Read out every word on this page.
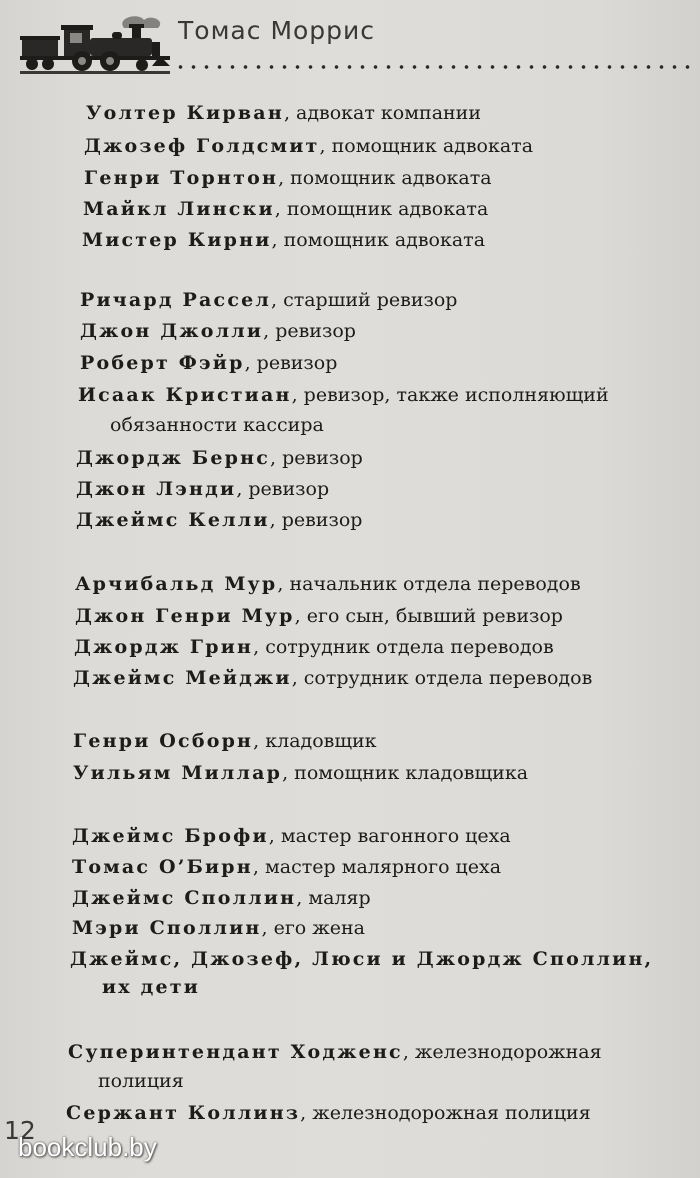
Томас Моррис
Уолтер Кирван, адвокат компании
Джозеф Голдсмит, помощник адвоката
Генри Торнтон, помощник адвоката
Майкл Лински, помощник адвоката
Мистер Кирни, помощник адвоката
Ричард Рассел, старший ревизор
Джон Джолли, ревизор
Роберт Фэйр, ревизор
Исаак Кристиан, ревизор, также исполняющий
обязанности кассира
Джордж Бернс, ревизор
Джон Лэнди, ревизор
Джеймс Келли, ревизор
Арчибальд Мур, начальник отдела переводов
Джон Генри Мур, его сын, бывший ревизор
Джордж Грин, сотрудник отдела переводов
Джеймс Мейджи, сотрудник отдела переводов
Генри Осборн, кладовщик
Уильям Миллар, помощник кладовщика
Джеймс Брофи, мастер вагонного цеха
Томас О’Бирн, мастер малярного цеха
Джеймс Споллин, маляр
Мэри Споллин, его жена
Джеймс, Джозеф, Люси и Джордж Споллин,
их дети
Суперинтендант Ходженс, железнодорожная
полиция
Сержант Коллинз, железнодорожная полиция
12
bookclub.by
